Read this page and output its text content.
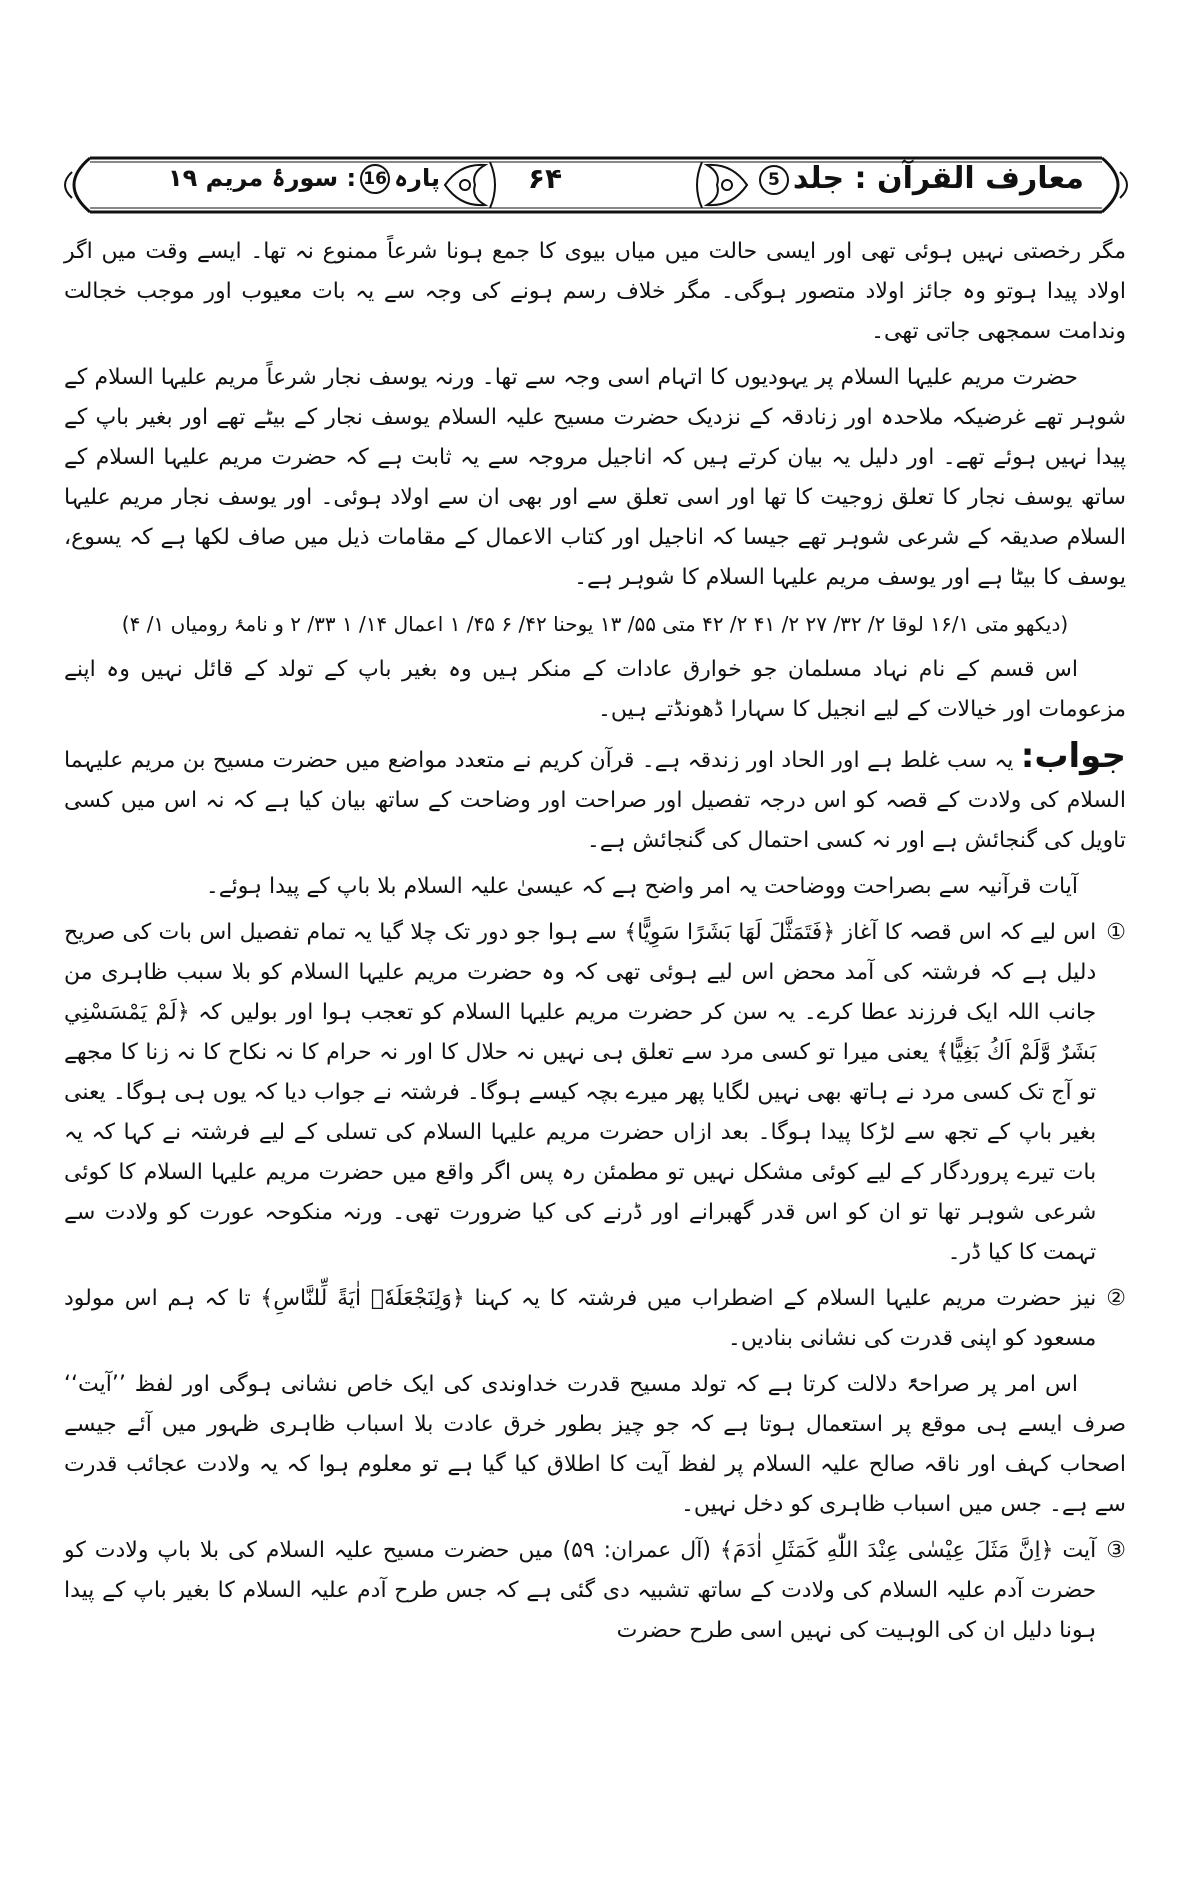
معارف القرآن : جلد5
۶۴
پارہ16: سورۂ مریم ۱۹

مگر رخصتی نہیں ہوئی تھی اور ایسی حالت میں میاں بیوی کا جمع ہونا شرعاً ممنوع نہ تھا۔ ایسے وقت میں اگر اولاد پیدا ہوتو وہ جائز اولاد متصور ہوگی۔ مگر خلاف رسم ہونے کی وجہ سے یہ بات معیوب اور موجب خجالت وندامت سمجھی جاتی تھی۔

حضرت مریم علیہا السلام پر یہودیوں کا اتہام اسی وجہ سے تھا۔ ورنہ یوسف نجار شرعاً مریم علیہا السلام کے شوہر تھے غرضیکہ ملاحدہ اور زنادقہ کے نزدیک حضرت مسیح علیہ السلام یوسف نجار کے بیٹے تھے اور بغیر باپ کے پیدا نہیں ہوئے تھے۔ اور دلیل یہ بیان کرتے ہیں کہ اناجیل مروجہ سے یہ ثابت ہے کہ حضرت مریم علیہا السلام کے ساتھ یوسف نجار کا تعلق زوجیت کا تھا اور اسی تعلق سے اور بھی ان سے اولاد ہوئی۔ اور یوسف نجار مریم علیہا السلام صدیقہ کے شرعی شوہر تھے جیسا کہ اناجیل اور کتاب الاعمال کے مقامات ذیل میں صاف لکھا ہے کہ یسوع، یوسف کا بیٹا ہے اور یوسف مریم علیہا السلام کا شوہر ہے۔

(دیکھو متی ۱۶/۱ لوقا ۲/ ۳۲/ ۲۷ ۲/ ۴۱ ۲/ ۴۲ متی ۵۵/ ۱۳ یوحنا ۴۲/ ۶ ۴۵/ ۱ اعمال ۱۴/ ۱ ۳۳/ ۲ و نامۂ رومیاں ۱/ ۴)

اس قسم کے نام نہاد مسلمان جو خوارق عادات کے منکر ہیں وہ بغیر باپ کے تولد کے قائل نہیں وہ اپنے مزعومات اور خیالات کے لیے انجیل کا سہارا ڈھونڈتے ہیں۔

جواب: یہ سب غلط ہے اور الحاد اور زندقہ ہے۔ قرآن کریم نے متعدد مواضع میں حضرت مسیح بن مریم علیہما السلام کی ولادت کے قصہ کو اس درجہ تفصیل اور صراحت اور وضاحت کے ساتھ بیان کیا ہے کہ نہ اس میں کسی تاویل کی گنجائش ہے اور نہ کسی احتمال کی گنجائش ہے۔

آیات قرآنیہ سے بصراحت ووضاحت یہ امر واضح ہے کہ عیسیٰ علیہ السلام بلا باپ کے پیدا ہوئے۔

①
اس لیے کہ اس قصہ کا آغاز ﴿فَتَمَثَّلَ لَهَا بَشَرًا سَوِيًّا﴾ سے ہوا جو دور تک چلا گیا یہ تمام تفصیل اس بات کی صریح دلیل ہے کہ فرشتہ کی آمد محض اس لیے ہوئی تھی کہ وہ حضرت مریم علیہا السلام کو بلا سبب ظاہری من جانب اللہ ایک فرزند عطا کرے۔ یہ سن کر حضرت مریم علیہا السلام کو تعجب ہوا اور بولیں کہ ﴿لَمْ يَمْسَسْنِي بَشَرٌ وَّلَمْ اَكُ بَغِيًّا﴾ یعنی میرا تو کسی مرد سے تعلق ہی نہیں نہ حلال کا اور نہ حرام کا نہ نکاح کا نہ زنا کا مجھے تو آج تک کسی مرد نے ہاتھ بھی نہیں لگایا پھر میرے بچہ کیسے ہوگا۔ فرشتہ نے جواب دیا کہ یوں ہی ہوگا۔ یعنی بغیر باپ کے تجھ سے لڑکا پیدا ہوگا۔ بعد ازاں حضرت مریم علیہا السلام کی تسلی کے لیے فرشتہ نے کہا کہ یہ بات تیرے پروردگار کے لیے کوئی مشکل نہیں تو مطمئن رہ پس اگر واقع میں حضرت مریم علیہا السلام کا کوئی شرعی شوہر تھا تو ان کو اس قدر گھبرانے اور ڈرنے کی کیا ضرورت تھی۔ ورنہ منکوحہ عورت کو ولادت سے تہمت کا کیا ڈر۔
②
نیز حضرت مریم علیہا السلام کے اضطراب میں فرشتہ کا یہ کہنا ﴿وَلِنَجْعَلَهٗۤ اٰيَةً لِّلنَّاسِ﴾ تا کہ ہم اس مولود مسعود کو اپنی قدرت کی نشانی بنادیں۔

اس امر پر صراحۃً دلالت کرتا ہے کہ تولد مسیح قدرت خداوندی کی ایک خاص نشانی ہوگی اور لفظ ’’آیت‘‘ صرف ایسے ہی موقع پر استعمال ہوتا ہے کہ جو چیز بطور خرق عادت بلا اسباب ظاہری ظہور میں آئے جیسے اصحاب کہف اور ناقہ صالح علیہ السلام پر لفظ آیت کا اطلاق کیا گیا ہے تو معلوم ہوا کہ یہ ولادت عجائب قدرت سے ہے۔ جس میں اسباب ظاہری کو دخل نہیں۔

③
آیت ﴿اِنَّ مَثَلَ عِيْسٰى عِنْدَ اللّٰهِ كَمَثَلِ اٰدَمَ﴾ (آل عمران: ۵۹) میں حضرت مسیح علیہ السلام کی بلا باپ ولادت کو حضرت آدم علیہ السلام کی ولادت کے ساتھ تشبیہ دی گئی ہے کہ جس طرح آدم علیہ السلام کا بغیر باپ کے پیدا ہونا دلیل ان کی الوہیت کی نہیں اسی طرح حضرت
